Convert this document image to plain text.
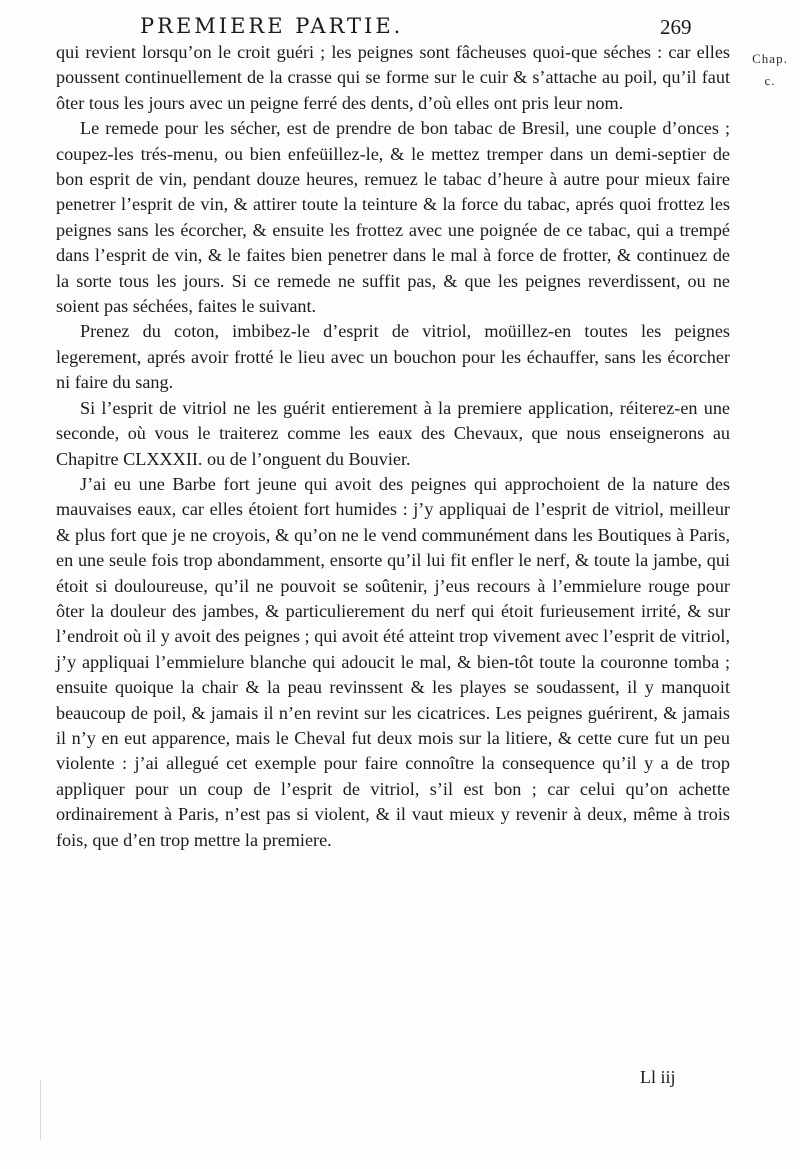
PREMIERE PARTIE.	269
Chap.
c.

qui revient lorsqu’on le croit guéri ; les peignes sont fâcheuses quoi-que séches : car elles poussent continuellement de la crasse qui se forme sur le cuir & s’attache au poil, qu’il faut ôter tous les jours avec un peigne ferré des dents, d’où elles ont pris leur nom.

Le remede pour les sécher, est de prendre de bon tabac de Bresil, une couple d’onces ; coupez-les trés-menu, ou bien enfeüillez-le, & le mettez tremper dans un demi-septier de bon esprit de vin, pendant douze heures, remuez le tabac d’heure à autre pour mieux faire penetrer l’esprit de vin, & attirer toute la teinture & la force du tabac, aprés quoi frottez les peignes sans les écorcher, & ensuite les frottez avec une poignée de ce tabac, qui a trempé dans l’esprit de vin, & le faites bien penetrer dans le mal à force de frotter, & continuez de la sorte tous les jours. Si ce remede ne suffit pas, & que les peignes reverdissent, ou ne soient pas séchées, faites le suivant.

Prenez du coton, imbibez-le d’esprit de vitriol, moüillez-en toutes les peignes legerement, aprés avoir frotté le lieu avec un bouchon pour les échauffer, sans les écorcher ni faire du sang.

Si l’esprit de vitriol ne les guérit entierement à la premiere application, réiterez-en une seconde, où vous le traiterez comme les eaux des Chevaux, que nous enseignerons au Chapitre CLXXXII. ou de l’onguent du Bouvier.

J’ai eu une Barbe fort jeune qui avoit des peignes qui approchoient de la nature des mauvaises eaux, car elles étoient fort humides : j’y appliquai de l’esprit de vitriol, meilleur & plus fort que je ne croyois, & qu’on ne le vend communément dans les Boutiques à Paris, en une seule fois trop abondamment, ensorte qu’il lui fit enfler le nerf, & toute la jambe, qui étoit si douloureuse, qu’il ne pouvoit se soûtenir, j’eus recours à l’emmielure rouge pour ôter la douleur des jambes, & particulierement du nerf qui étoit furieusement irrité, & sur l’endroit où il y avoit des peignes ; qui avoit été atteint trop vivement avec l’esprit de vitriol, j’y appliquai l’emmielure blanche qui adoucit le mal, & bien-tôt toute la couronne tomba ; ensuite quoique la chair & la peau revinssent & les playes se soudassent, il y manquoit beaucoup de poil, & jamais il n’en revint sur les cicatrices. Les peignes guérirent, & jamais il n’y en eut apparence, mais le Cheval fut deux mois sur la litiere, & cette cure fut un peu violente : j’ai allegué cet exemple pour faire connoître la consequence qu’il y a de trop appliquer pour un coup de l’esprit de vitriol, s’il est bon ; car celui qu’on achette ordinairement à Paris, n’est pas si violent, & il vaut mieux y revenir à deux, même à trois fois, que d’en trop mettre la premiere.

Ll iij
